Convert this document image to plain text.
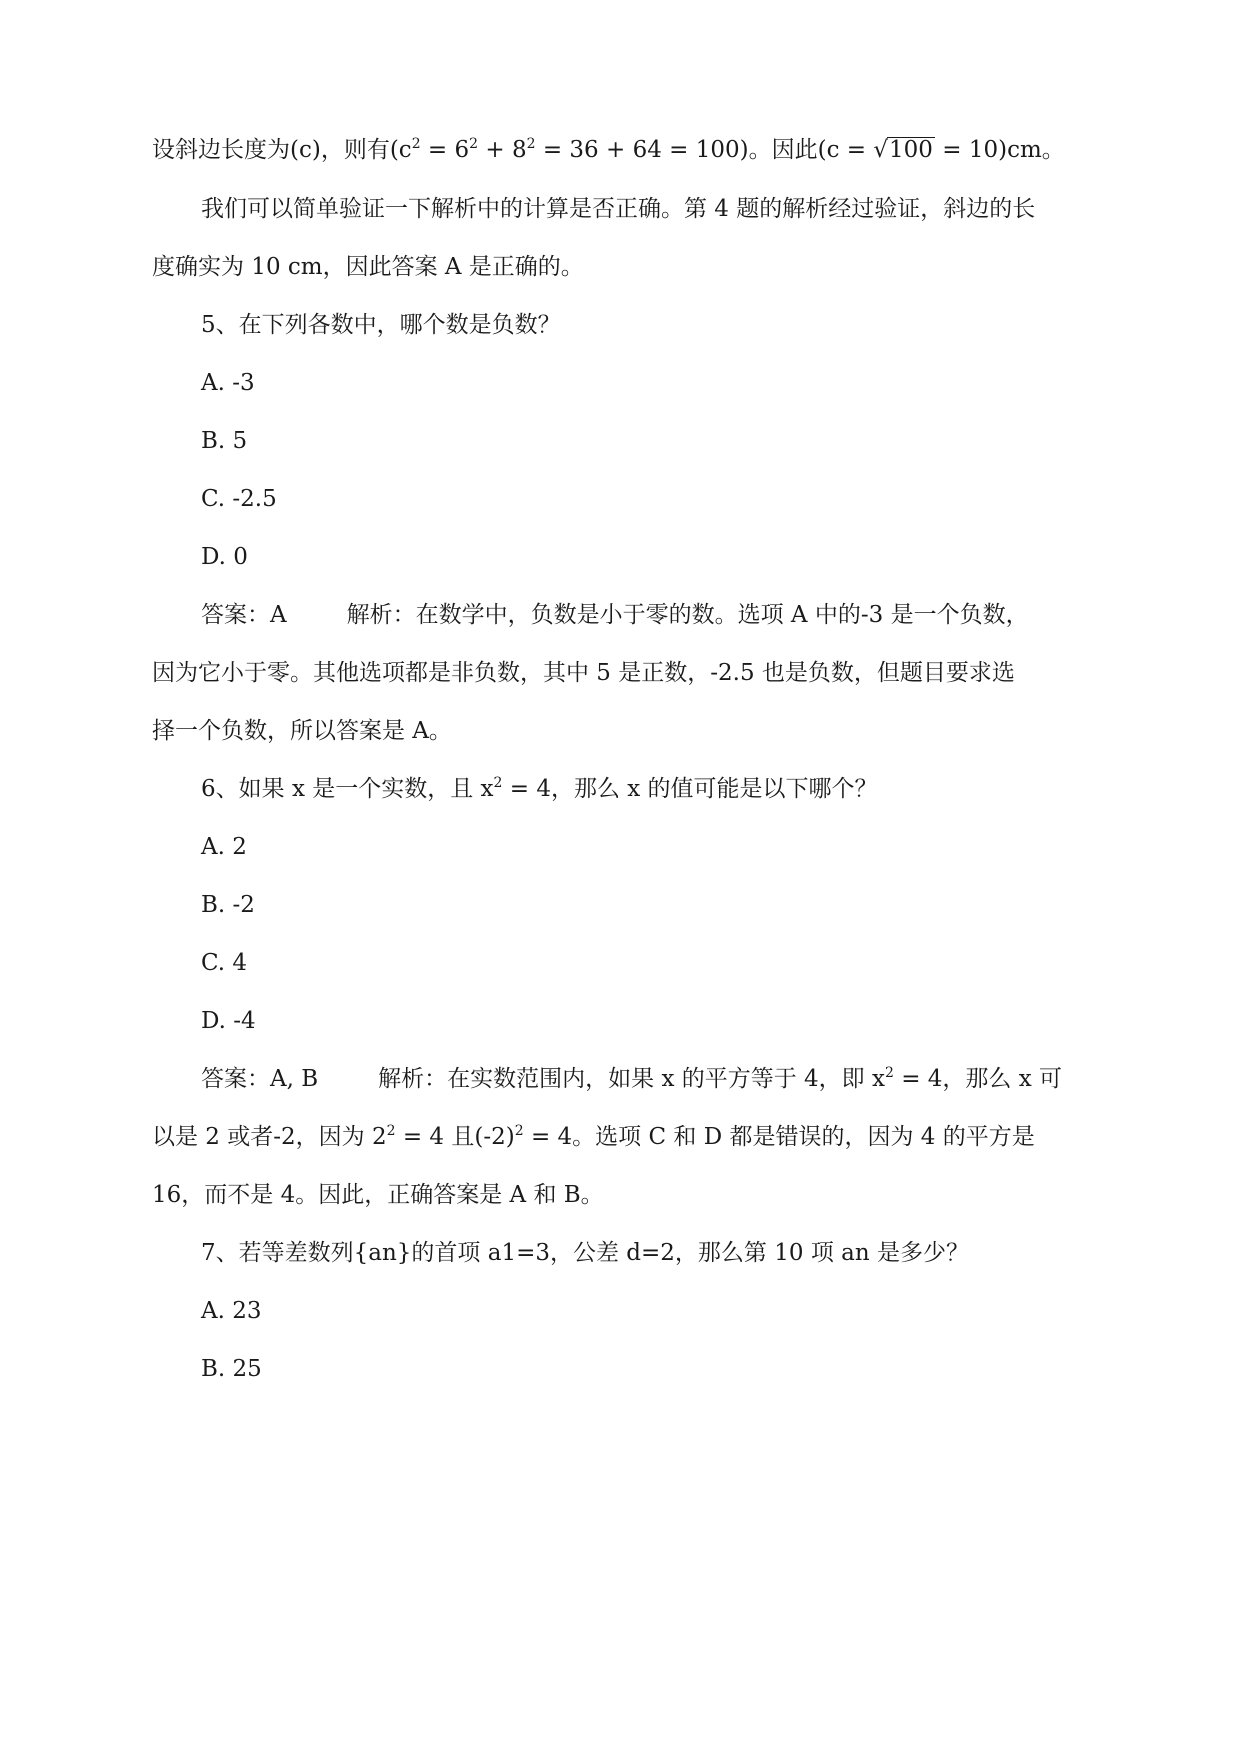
设斜边长度为(c)，则有$(c^2 = 6^2 + 8^2 = 36 + 64 = 100)$。因此(c = √100 = 10)cm。
我们可以简单验证一下解析中的计算是否正确。第 4 题的解析经过验证，斜边的长
度确实为 10 cm，因此答案 A 是正确的。
5、在下列各数中，哪个数是负数？
A. -3
B. 5
C. -2.5
D. 0
答案：A	解析：在数学中，负数是小于零的数。选项 A 中的-3 是一个负数，
因为它小于零。其他选项都是非负数，其中 5 是正数，-2.5 也是负数，但题目要求选
择一个负数，所以答案是 A。
6、如果 x 是一个实数，且 $x^2 = 4$，那么 x 的值可能是以下哪个？
A. 2
B. -2
C. 4
D. -4
答案：A, B	解析：在实数范围内，如果 x 的平方等于 4，即 $x^2 = 4$，那么 x 可
以是 2 或者-2，因为 $2^2 = 4$ 且$(-2)^2 = 4$。选项 C 和 D 都是错误的，因为 4 的平方是
16，而不是 4。因此，正确答案是 A 和 B。
7、若等差数列{an}的首项 a1=3，公差 d=2，那么第 10 项 an 是多少？
A. 23
B. 25
